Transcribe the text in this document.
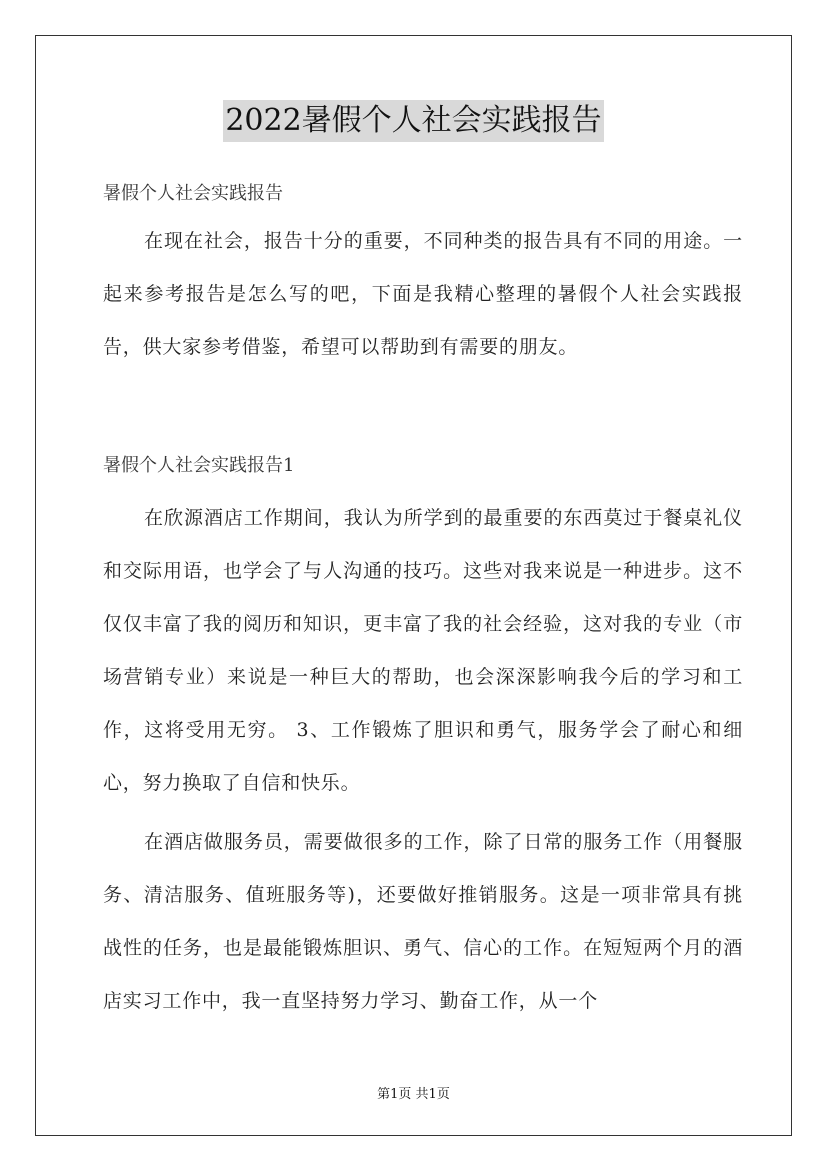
2022暑假个人社会实践报告
暑假个人社会实践报告

在现在社会，报告十分的重要，不同种类的报告具有不同的用途。一起来参考报告是怎么写的吧，下面是我精心整理的暑假个人社会实践报告，供大家参考借鉴，希望可以帮助到有需要的朋友。

暑假个人社会实践报告1

在欣源酒店工作期间，我认为所学到的最重要的东西莫过于餐桌礼仪和交际用语，也学会了与人沟通的技巧。这些对我来说是一种进步。这不仅仅丰富了我的阅历和知识，更丰富了我的社会经验，这对我的专业（市场营销专业）来说是一种巨大的帮助，也会深深影响我今后的学习和工作，这将受用无穷。 3、工作锻炼了胆识和勇气，服务学会了耐心和细心，努力换取了自信和快乐。

在酒店做服务员，需要做很多的工作，除了日常的服务工作（用餐服务、清洁服务、值班服务等)，还要做好推销服务。这是一项非常具有挑战性的任务，也是最能锻炼胆识、勇气、信心的工作。在短短两个月的酒店实习工作中，我一直坚持努力学习、勤奋工作，从一个

第1页 共1页
